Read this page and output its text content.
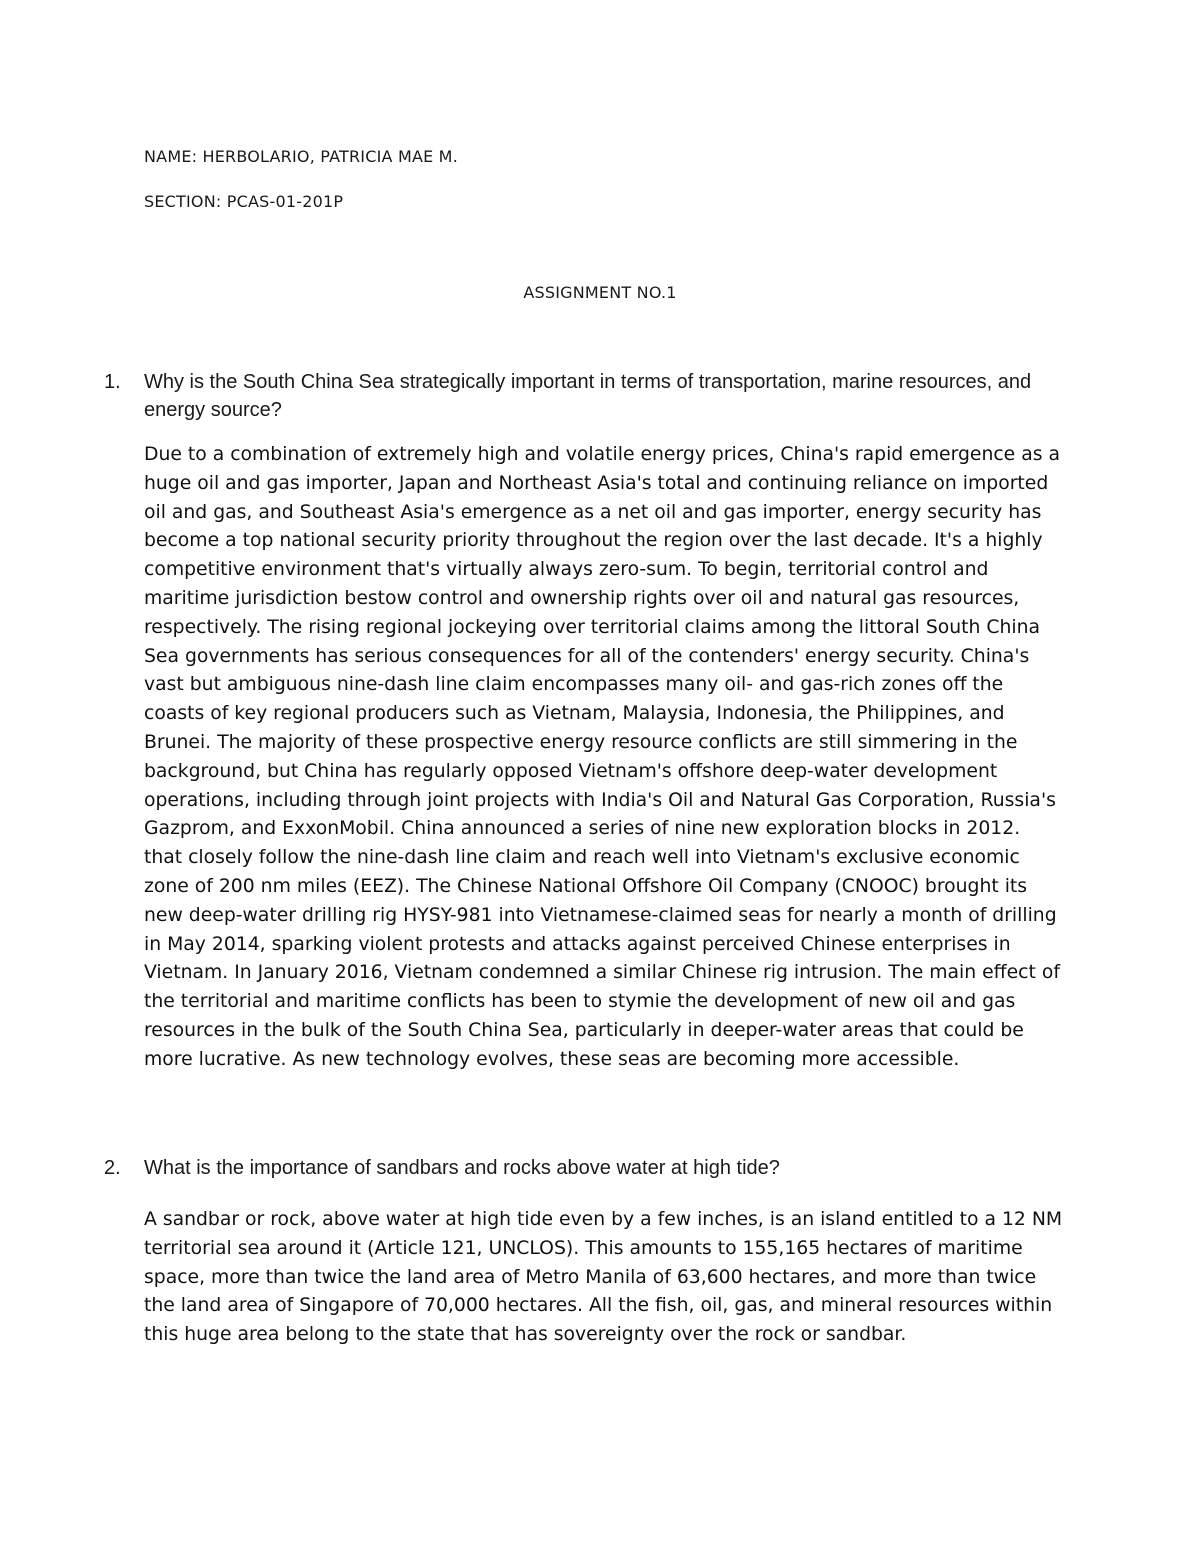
NAME: HERBOLARIO, PATRICIA MAE M.
SECTION: PCAS-01-201P
ASSIGNMENT NO.1
1. Why is the South China Sea strategically important in terms of transportation, marine resources, and energy source?

Due to a combination of extremely high and volatile energy prices, China's rapid emergence as a huge oil and gas importer, Japan and Northeast Asia's total and continuing reliance on imported oil and gas, and Southeast Asia's emergence as a net oil and gas importer, energy security has become a top national security priority throughout the region over the last decade. It's a highly competitive environment that's virtually always zero-sum. To begin, territorial control and maritime jurisdiction bestow control and ownership rights over oil and natural gas resources, respectively. The rising regional jockeying over territorial claims among the littoral South China Sea governments has serious consequences for all of the contenders' energy security. China's vast but ambiguous nine-dash line claim encompasses many oil- and gas-rich zones off the coasts of key regional producers such as Vietnam, Malaysia, Indonesia, the Philippines, and Brunei. The majority of these prospective energy resource conflicts are still simmering in the background, but China has regularly opposed Vietnam's offshore deep-water development operations, including through joint projects with India's Oil and Natural Gas Corporation, Russia's Gazprom, and ExxonMobil. China announced a series of nine new exploration blocks in 2012. that closely follow the nine-dash line claim and reach well into Vietnam's exclusive economic zone of 200 nm miles (EEZ). The Chinese National Offshore Oil Company (CNOOC) brought its new deep-water drilling rig HYSY-981 into Vietnamese-claimed seas for nearly a month of drilling in May 2014, sparking violent protests and attacks against perceived Chinese enterprises in Vietnam. In January 2016, Vietnam condemned a similar Chinese rig intrusion. The main effect of the territorial and maritime conflicts has been to stymie the development of new oil and gas resources in the bulk of the South China Sea, particularly in deeper-water areas that could be more lucrative. As new technology evolves, these seas are becoming more accessible.

2. What is the importance of sandbars and rocks above water at high tide?

A sandbar or rock, above water at high tide even by a few inches, is an island entitled to a 12 NM territorial sea around it (Article 121, UNCLOS). This amounts to 155,165 hectares of maritime space, more than twice the land area of Metro Manila of 63,600 hectares, and more than twice the land area of Singapore of 70,000 hectares. All the fish, oil, gas, and mineral resources within this huge area belong to the state that has sovereignty over the rock or sandbar.
